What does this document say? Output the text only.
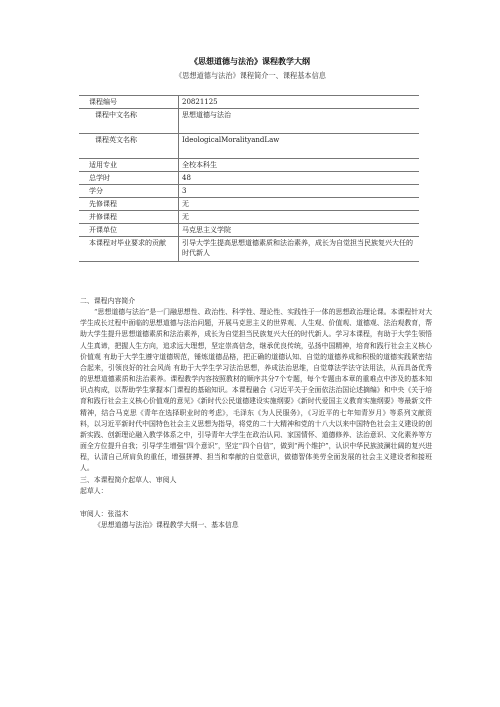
《思想道德与法治》课程教学大纲
《思想道德与法治》课程简介一、课程基本信息
课程编号	20821125
课程中文名称	思想道德与法治
课程英文名称	IdeologicalMoralityandLaw
适用专业	全校本科生
总学时	48
学分	3
先修课程	无
并修课程	无
开课单位	马克思主义学院
本课程对毕业要求的贡献	引导大学生提高思想道德素质和法治素养，成长为自觉担当民族复兴大任的时代新人

二、课程内容简介

“思想道德与法治”是一门融思想性、政治性、科学性、理论性、实践性于一体的思想政治理论课。本课程针对大学生成长过程中面临的思想道德与法治问题，开展马克思主义的世界观、人生观、价值观、道德观、法治观教育，帮助大学生提升思想道德素质和法治素养，成长为自觉担当民族复兴大任的时代新人。学习本课程，有助于大学生领悟人生真谛，把握人生方向，追求远大理想，坚定崇高信念，继承优良传统，弘扬中国精神，培育和践行社会主义核心价值观 有助于大学生遵守道德规范，锤炼道德品格，把正确的道德认知、自觉的道德养成和积极的道德实践紧密结合起来，引领良好的社会风尚 有助于大学生学习法治思想，养成法治思维，自觉尊法学法守法用法，从而具备优秀的思想道德素质和法治素养。课程教学内容按照教材的顺序共分7个专题，每个专题由本章的重难点中涉及的基本知识点构成，以帮助学生掌握本门课程的基础知识。本课程融合《习近平关于全面依法治国论述摘编》和中央《关于培育和践行社会主义核心价值观的意见》《新时代公民道德建设实施纲要》《新时代爱国主义教育实施纲要》等最新文件精神，结合马克思《青年在选择职业时的考虑》，毛泽东《为人民服务》，《习近平的七年知青岁月》等系列文献资料，以习近平新时代中国特色社会主义思想为指导，将党的二十大精神和党的十八大以来中国特色社会主义建设的创新实践、创新理论融入教学体系之中，引导青年大学生在政治认同、家国情怀、道德修养、法治意识、文化素养等方面全方位提升自我；引导学生增强“四个意识”，坚定“四个自信”，做到“两个维护”，认识中华民族波澜壮阔的复兴进程，认清自己所肩负的重任，增强拼搏、担当和奉献的自觉意识，做德智体美劳全面发展的社会主义建设者和接班人。

三、本课程简介起草人、审阅人

起草人：

审阅人：张溢木

《思想道德与法治》课程教学大纲一、基本信息
